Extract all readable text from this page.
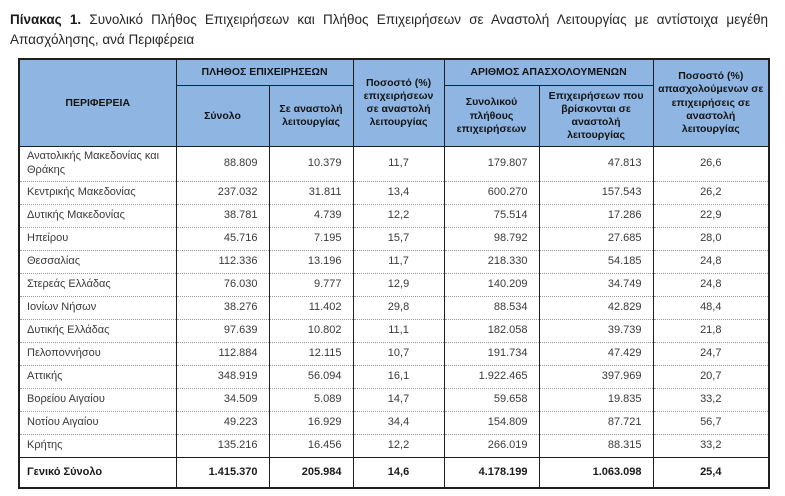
Πίνακας 1. Συνολικό Πλήθος Επιχειρήσεων και Πλήθος Επιχειρήσεων σε Αναστολή Λειτουργίας με αντίστοιχα μεγέθη Απασχόλησης, ανά Περιφέρεια

ΠΕΡΙΦΕΡΕΙΑ	ΠΛΗΘΟΣ ΕΠΙΧΕΙΡΗΣΕΩΝ		Ποσοστό (%) επιχειρήσεων σε αναστολή λειτουργίας	ΑΡΙΘΜΟΣ ΑΠΑΣΧΟΛΟΥΜΕΝΩΝ		Ποσοστό (%) απασχολούμενων σε επιχειρήσεις σε αναστολή λειτουργίας
	Σύνολο	Σε αναστολή λειτουργίας		Συνολικού πλήθους επιχειρήσεων	Επιχειρήσεων που βρίσκονται σε αναστολή λειτουργίας	
Ανατολικής Μακεδονίας και Θράκης	88.809	10.379	11,7	179.807	47.813	26,6
Κεντρικής Μακεδονίας	237.032	31.811	13,4	600.270	157.543	26,2
Δυτικής Μακεδονίας	38.781	4.739	12,2	75.514	17.286	22,9
Ηπείρου	45.716	7.195	15,7	98.792	27.685	28,0
Θεσσαλίας	112.336	13.196	11,7	218.330	54.185	24,8
Στερεάς Ελλάδας	76.030	9.777	12,9	140.209	34.749	24,8
Ιονίων Νήσων	38.276	11.402	29,8	88.534	42.829	48,4
Δυτικής Ελλάδας	97.639	10.802	11,1	182.058	39.739	21,8
Πελοποννήσου	112.884	12.115	10,7	191.734	47.429	24,7
Αττικής	348.919	56.094	16,1	1.922.465	397.969	20,7
Βορείου Αιγαίου	34.509	5.089	14,7	59.658	19.835	33,2
Νοτίου Αιγαίου	49.223	16.929	34,4	154.809	87.721	56,7
Κρήτης	135.216	16.456	12,2	266.019	88.315	33,2
Γενικό Σύνολο	1.415.370	205.984	14,6	4.178.199	1.063.098	25,4
